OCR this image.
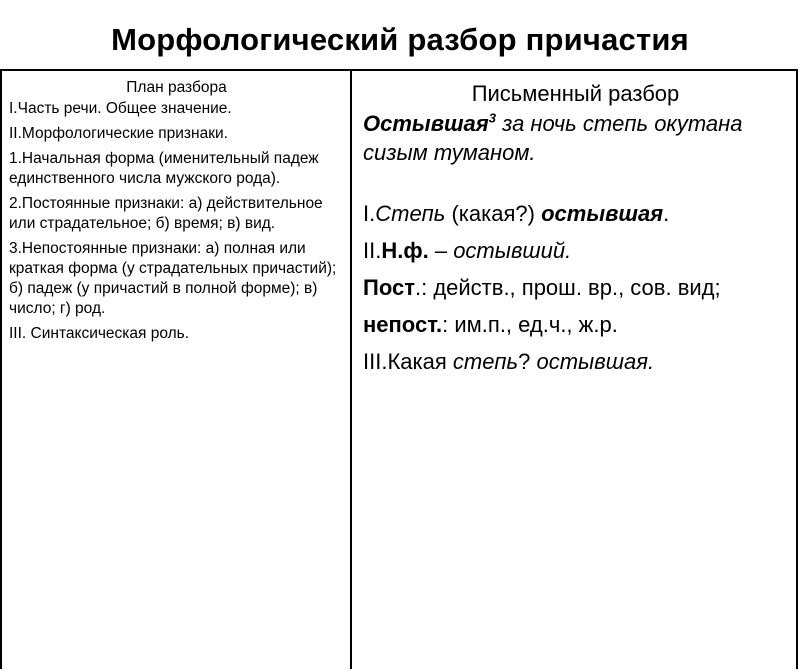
Морфологический разбор причастия
План разбора
I.Часть речи. Общее значение.
II.Морфологические признаки.
1.Начальная форма (именительный падеж единственного числа мужского рода).
2.Постоянные признаки: а) действительное или страдательное; б) время; в) вид.
3.Непостоянные признаки: а) полная или краткая форма (у страдательных причастий); б) падеж (у причастий в полной форме); в) число; г) род.
III. Синтаксическая роль.
Письменный разбор
Остывшая$^3$ за ночь степь окутана сизым туманом.
I.Степь (какая?) остывшая.
II.Н.ф. – остывший.
Пост.: действ., прош. вр., сов. вид;
непост.: им.п., ед.ч., ж.р.
III.Какая степь? остывшая.
